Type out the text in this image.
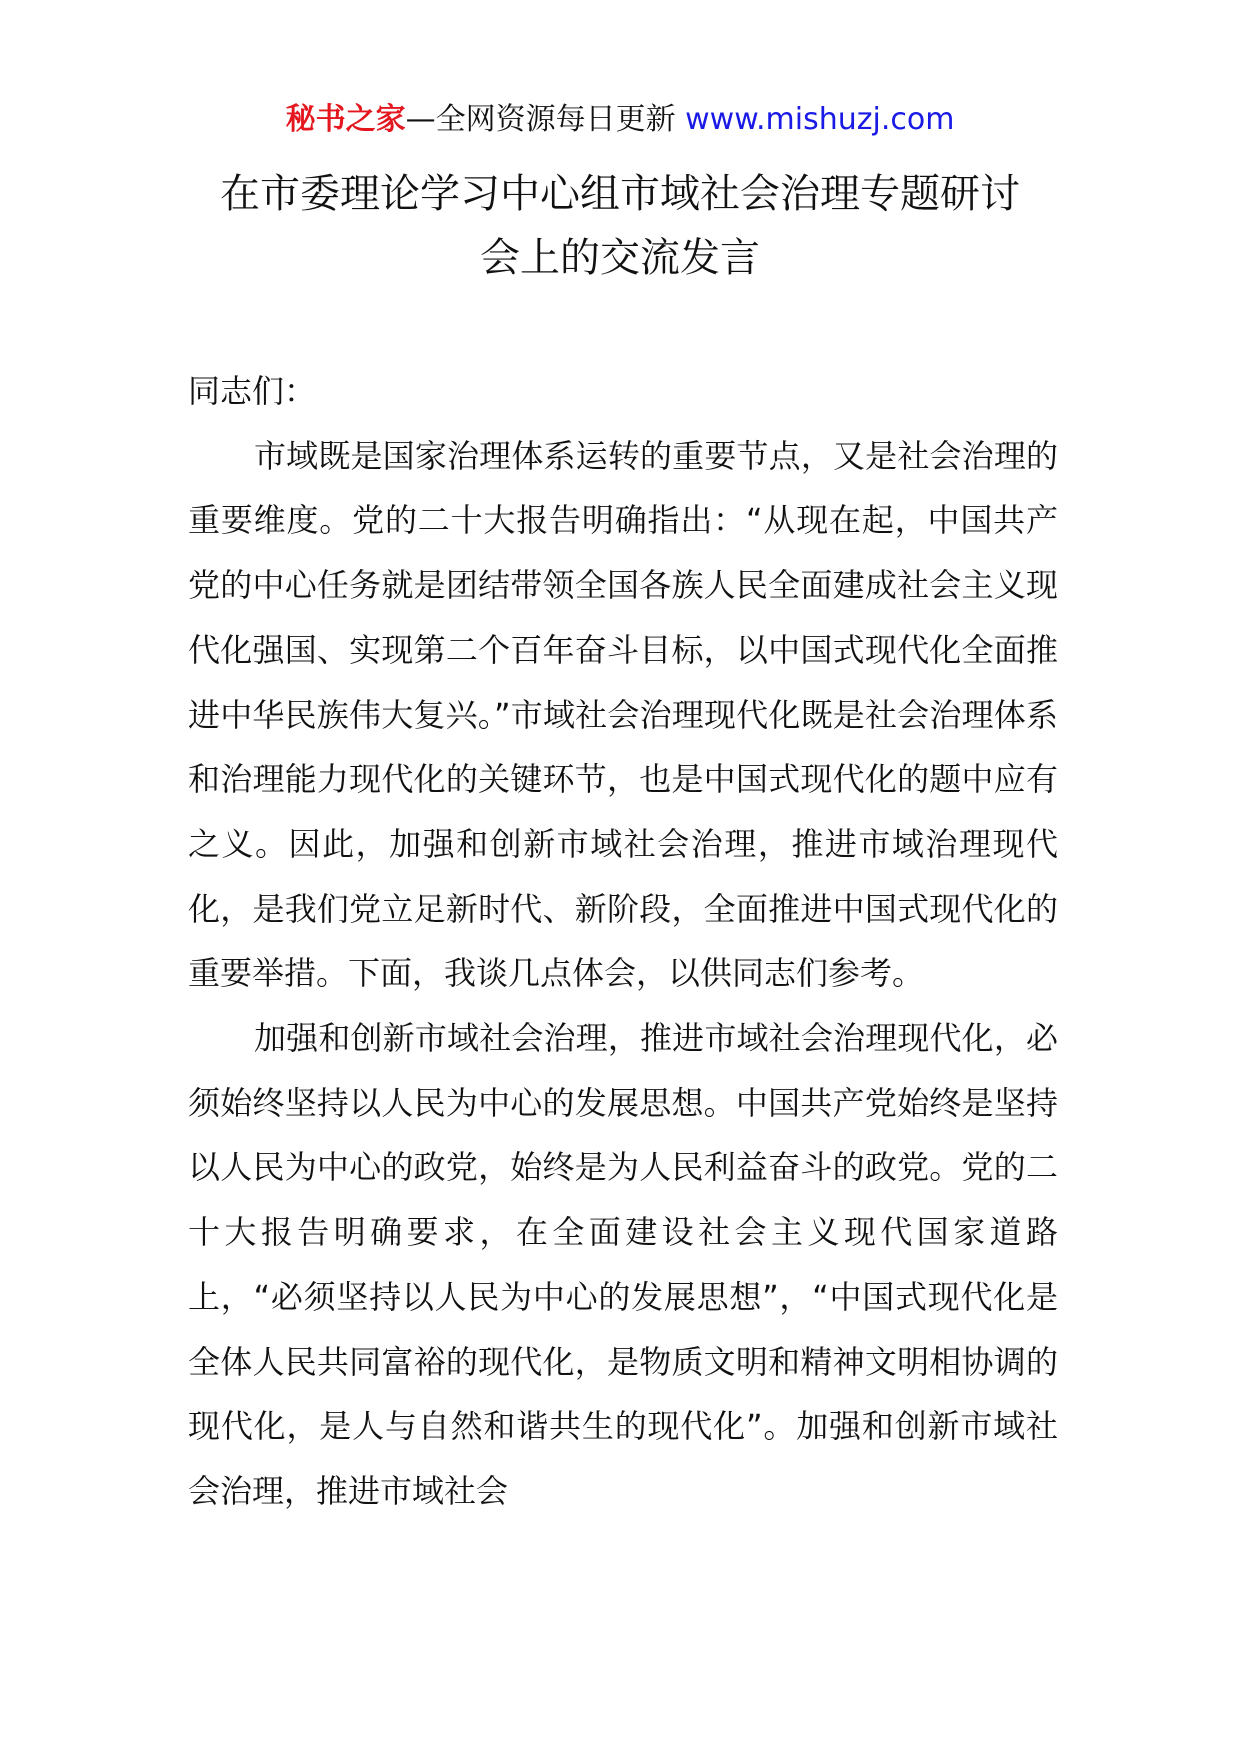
秘书之家—全网资源每日更新 www.mishuzj.com
在市委理论学习中心组市域社会治理专题研讨
会上的交流发言

同志们：

市域既是国家治理体系运转的重要节点，又是社会治理的重要维度。党的二十大报告明确指出：“从现在起，中国共产党的中心任务就是团结带领全国各族人民全面建成社会主义现代化强国、实现第二个百年奋斗目标，以中国式现代化全面推进中华民族伟大复兴。”市域社会治理现代化既是社会治理体系和治理能力现代化的关键环节，也是中国式现代化的题中应有之义。因此，加强和创新市域社会治理，推进市域治理现代化，是我们党立足新时代、新阶段，全面推进中国式现代化的重要举措。下面，我谈几点体会，以供同志们参考。

加强和创新市域社会治理，推进市域社会治理现代化，必须始终坚持以人民为中心的发展思想。中国共产党始终是坚持以人民为中心的政党，始终是为人民利益奋斗的政党。党的二十大报告明确要求，在全面建设社会主义现代国家道路上，“必须坚持以人民为中心的发展思想”，“中国式现代化是全体人民共同富裕的现代化，是物质文明和精神文明相协调的现代化，是人与自然和谐共生的现代化”。加强和创新市域社会治理，推进市域社会
